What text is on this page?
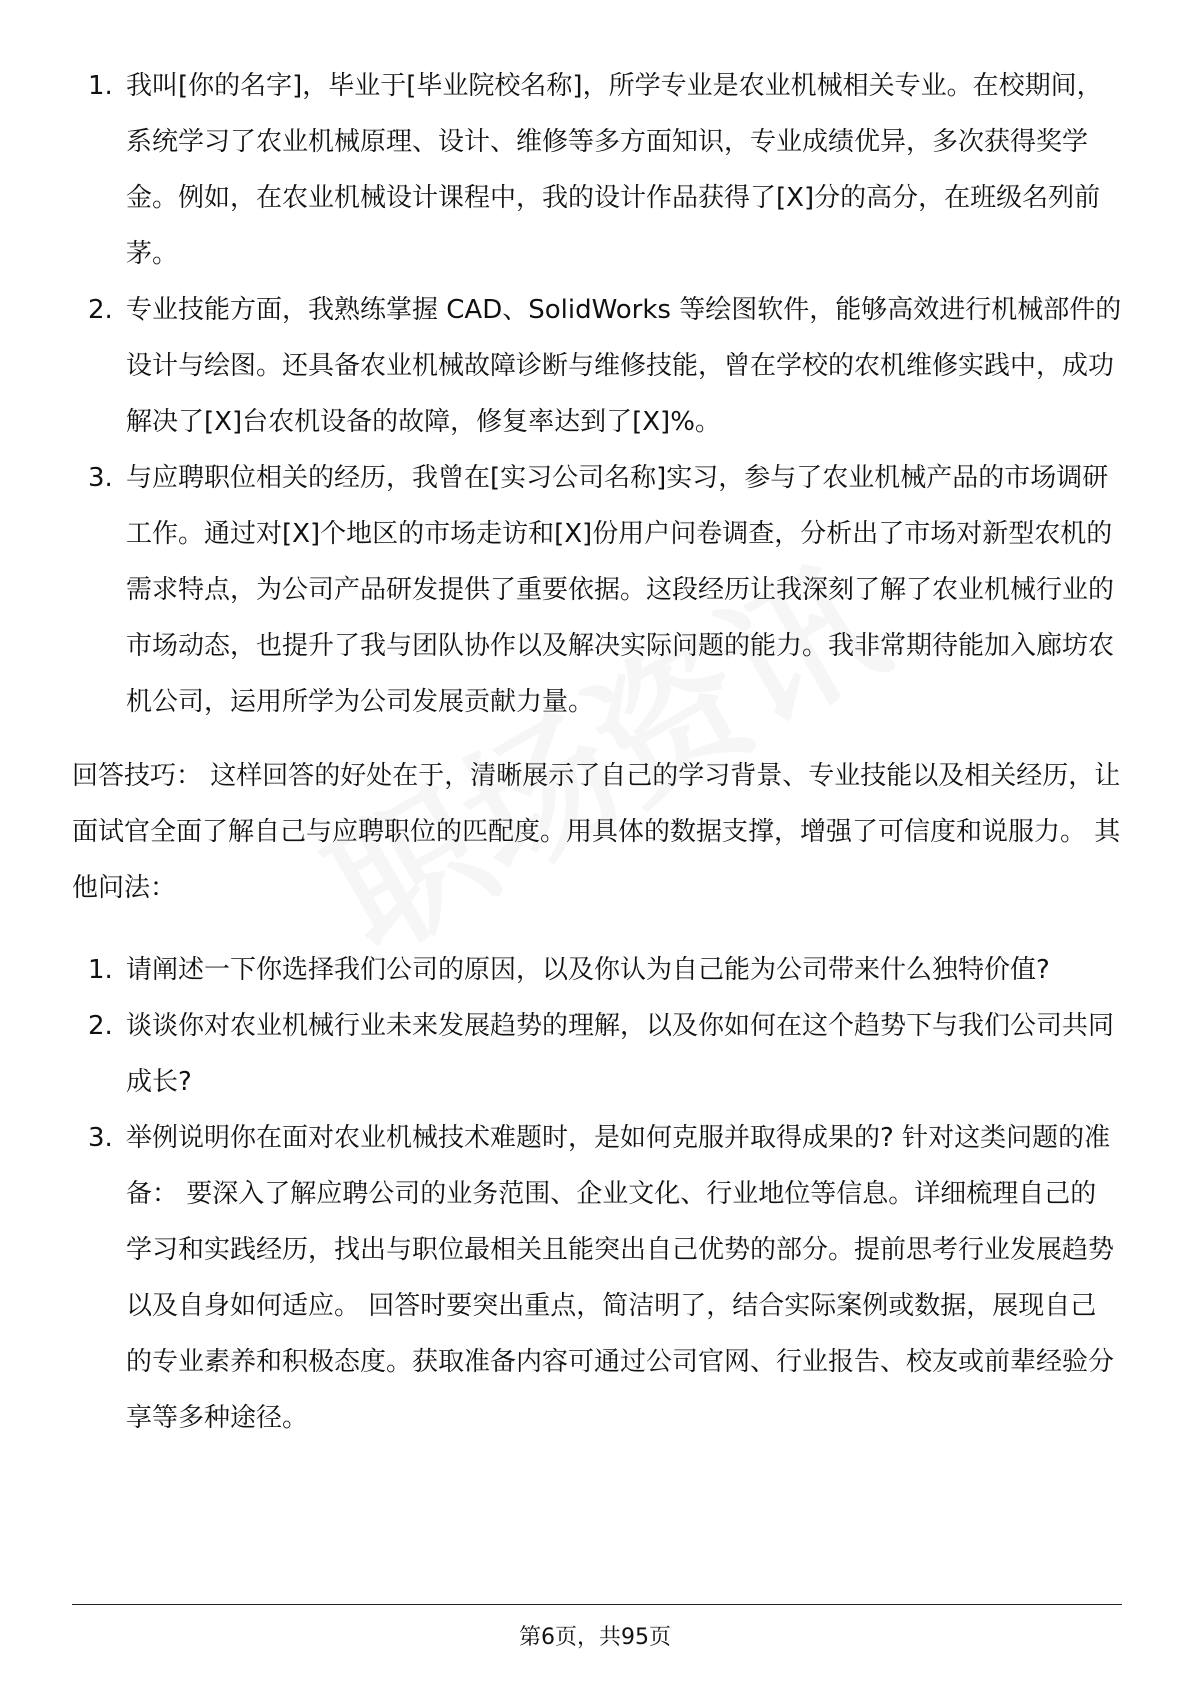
1. 我叫[你的名字]，毕业于[毕业院校名称]，所学专业是农业机械相关专业。在校期间，系统学习了农业机械原理、设计、维修等多方面知识，专业成绩优异，多次获得奖学金。例如，在农业机械设计课程中，我的设计作品获得了[X]分的高分，在班级名列前茅。
2. 专业技能方面，我熟练掌握 CAD、SolidWorks 等绘图软件，能够高效进行机械部件的设计与绘图。还具备农业机械故障诊断与维修技能，曾在学校的农机维修实践中，成功解决了[X]台农机设备的故障，修复率达到了[X]%。
3. 与应聘职位相关的经历，我曾在[实习公司名称]实习，参与了农业机械产品的市场调研工作。通过对[X]个地区的市场走访和[X]份用户问卷调查，分析出了市场对新型农机的需求特点，为公司产品研发提供了重要依据。这段经历让我深刻了解了农业机械行业的市场动态，也提升了我与团队协作以及解决实际问题的能力。我非常期待能加入廊坊农机公司，运用所学为公司发展贡献力量。

回答技巧： 这样回答的好处在于，清晰展示了自己的学习背景、专业技能以及相关经历，让面试官全面了解自己与应聘职位的匹配度。用具体的数据支撑，增强了可信度和说服力。 其他问法：

1. 请阐述一下你选择我们公司的原因，以及你认为自己能为公司带来什么独特价值?
2. 谈谈你对农业机械行业未来发展趋势的理解，以及你如何在这个趋势下与我们公司共同成长?
3. 举例说明你在面对农业机械技术难题时，是如何克服并取得成果的? 针对这类问题的准备： 要深入了解应聘公司的业务范围、企业文化、行业地位等信息。详细梳理自己的学习和实践经历，找出与职位最相关且能突出自己优势的部分。提前思考行业发展趋势以及自身如何适应。 回答时要突出重点，简洁明了，结合实际案例或数据，展现自己的专业素养和积极态度。获取准备内容可通过公司官网、行业报告、校友或前辈经验分享等多种途径。
第6页，共95页
